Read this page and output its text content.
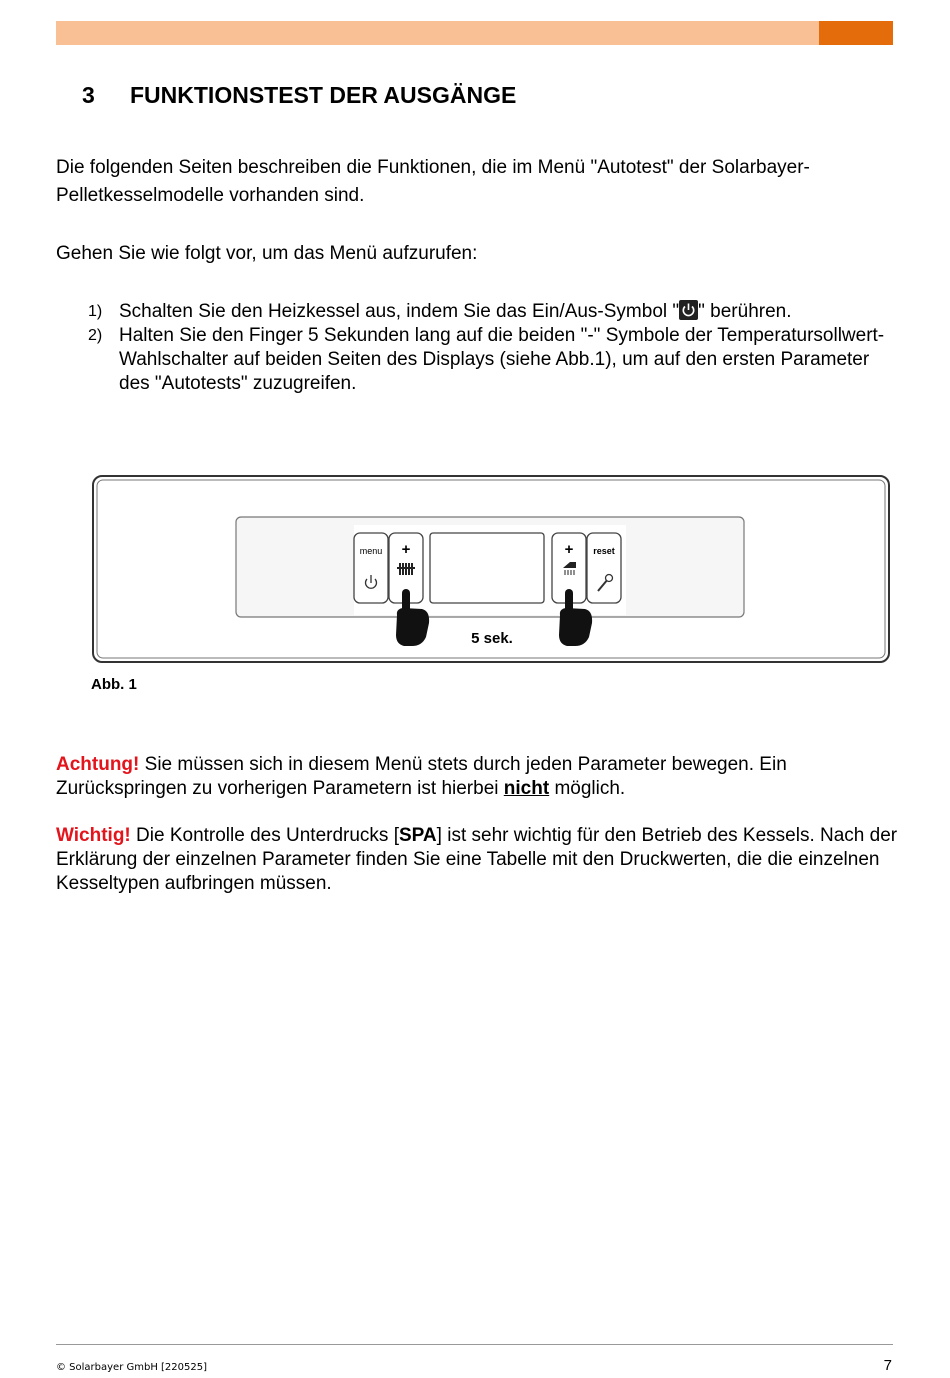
3 FUNKTIONSTEST DER AUSGÄNGE
Die folgenden Seiten beschreiben die Funktionen, die im Menü "Autotest" der Solarbayer-Pelletkesselmodelle vorhanden sind.
Gehen Sie wie folgt vor, um das Menü aufzurufen:
1) Schalten Sie den Heizkessel aus, indem Sie das Ein/Aus-Symbol " " berühren.
2) Halten Sie den Finger 5 Sekunden lang auf die beiden "-" Symbole der Temperatursollwert-Wahlschalter auf beiden Seiten des Displays (siehe Abb.1), um auf den ersten Parameter des "Autotests" zuzugreifen.
menu +	+ reset
5 sek.
Abb. 1
Achtung! Sie müssen sich in diesem Menü stets durch jeden Parameter bewegen. Ein Zurückspringen zu vorherigen Parametern ist hierbei nicht möglich.
Wichtig! Die Kontrolle des Unterdrucks [SPA] ist sehr wichtig für den Betrieb des Kessels. Nach der Erklärung der einzelnen Parameter finden Sie eine Tabelle mit den Druckwerten, die die einzelnen Kesseltypen aufbringen müssen.
© Solarbayer GmbH [220525]	7
